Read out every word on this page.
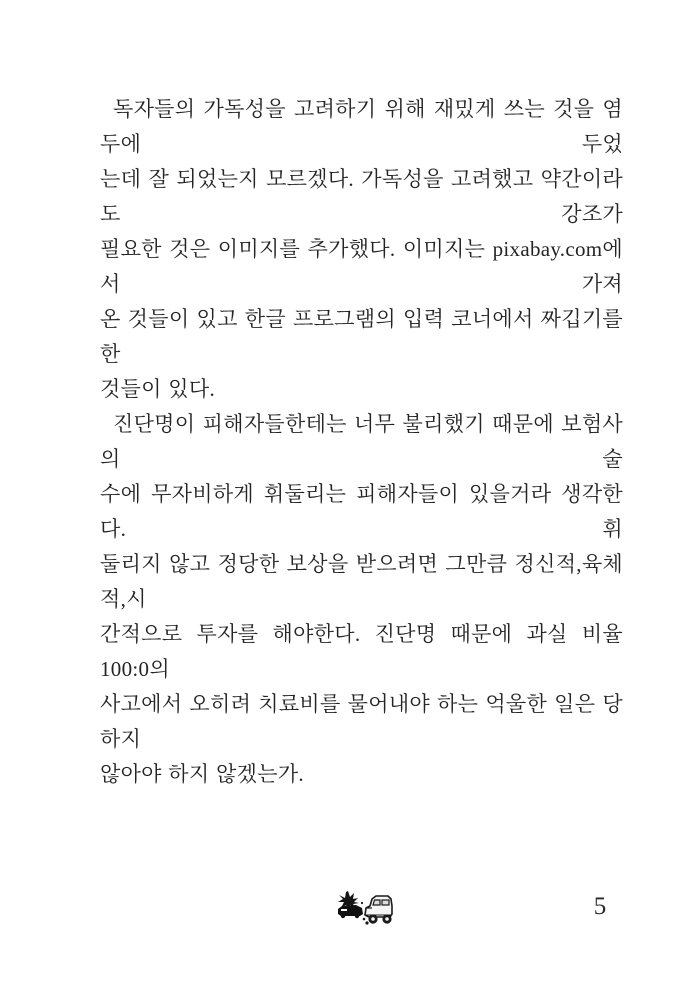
독자들의 가독성을 고려하기 위해 재밌게 쓰는 것을 염두에 두었
는데 잘 되었는지 모르겠다. 가독성을 고려했고 약간이라도 강조가
필요한 것은 이미지를 추가했다. 이미지는 pixabay.com에서 가져
온 것들이 있고 한글 프로그램의 입력 코너에서 짜깁기를 한
것들이 있다.
진단명이 피해자들한테는 너무 불리했기 때문에 보험사의 술
수에 무자비하게 휘둘리는 피해자들이 있을거라 생각한다. 휘
둘리지 않고 정당한 보상을 받으려면 그만큼 정신적,육체적,시
간적으로 투자를 해야한다. 진단명 때문에 과실 비율 100:0의
사고에서 오히려 치료비를 물어내야 하는 억울한 일은 당하지
않아야 하지 않겠는가.
5
